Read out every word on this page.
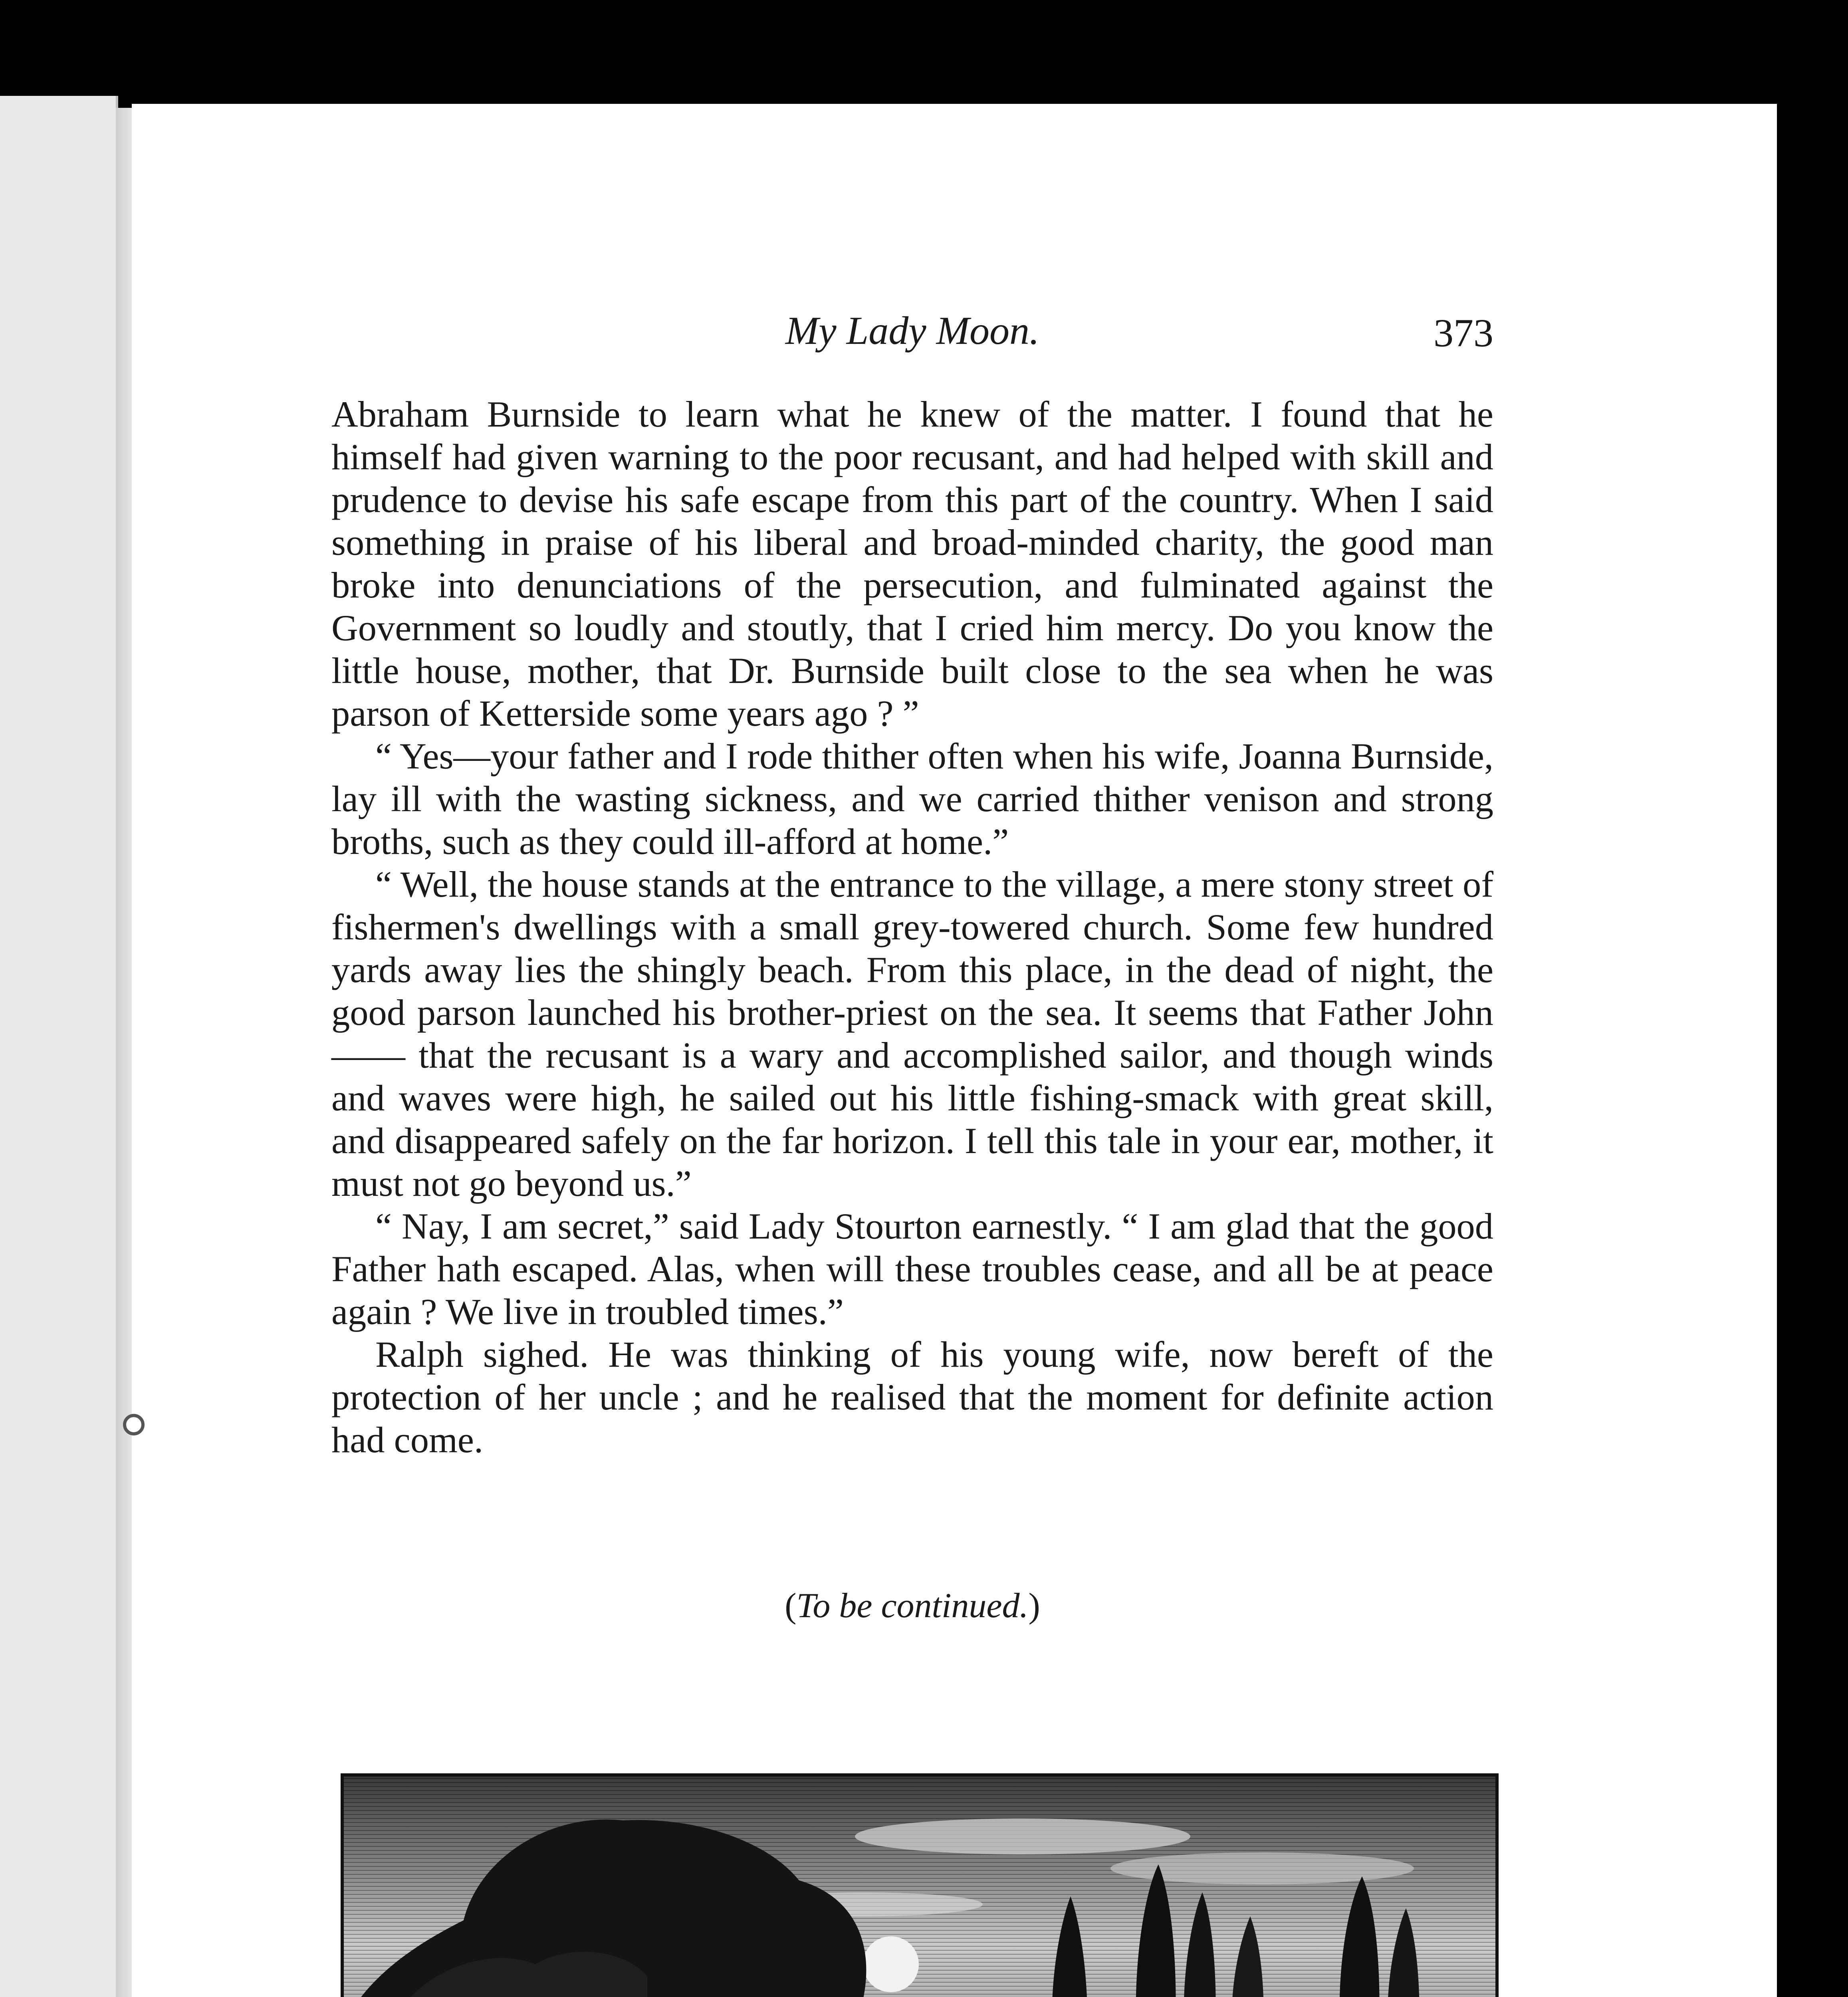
My Lady Moon.	373

Abraham Burnside to learn what he knew of the matter. I found that he himself had given warning to the poor recusant, and had helped with skill and prudence to devise his safe escape from this part of the country. When I said something in praise of his liberal and broad-minded charity, the good man broke into denunciations of the persecution, and fulminated against the Government so loudly and stoutly, that I cried him mercy. Do you know the little house, mother, that Dr. Burnside built close to the sea when he was parson of Ketterside some years ago ? ”

“ Yes—your father and I rode thither often when his wife, Joanna Burnside, lay ill with the wasting sickness, and we carried thither venison and strong broths, such as they could ill-afford at home.”

“ Well, the house stands at the entrance to the village, a mere stony street of fishermen's dwellings with a small grey-towered church. Some few hundred yards away lies the shingly beach. From this place, in the dead of night, the good parson launched his brother-priest on the sea. It seems that Father John—— that the recusant is a wary and accomplished sailor, and though winds and waves were high, he sailed out his little fishing-smack with great skill, and disappeared safely on the far horizon. I tell this tale in your ear, mother, it must not go beyond us.”

“ Nay, I am secret,” said Lady Stourton earnestly. “ I am glad that the good Father hath escaped. Alas, when will these troubles cease, and all be at peace again ? We live in troubled times.”

Ralph sighed. He was thinking of his young wife, now bereft of the protection of her uncle ; and he realised that the moment for definite action had come.

(To be continued.)
